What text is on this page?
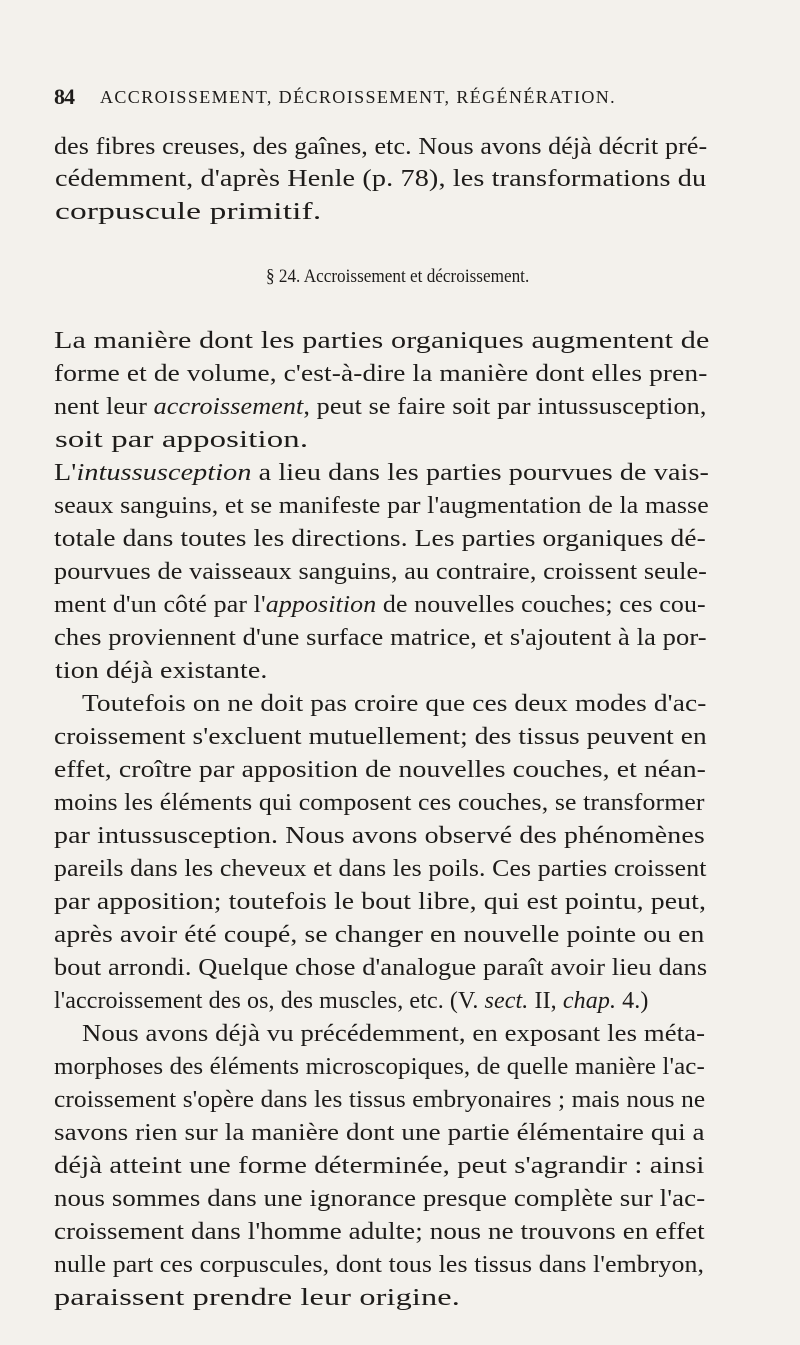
84 ACCROISSEMENT, DÉCROISSEMENT, RÉGÉNÉRATION.
des fibres creuses, des gaînes, etc. Nous avons déjà décrit pré-
cédemment, d'après Henle (p. 78), les transformations du
corpuscule primitif.
§ 24. Accroissement et décroissement.
La manière dont les parties organiques augmentent de
forme et de volume, c'est-à-dire la manière dont elles pren-
nent leur accroissement, peut se faire soit par intussusception,
soit par apposition.
L'intussusception a lieu dans les parties pourvues de vais-
seaux sanguins, et se manifeste par l'augmentation de la masse
totale dans toutes les directions. Les parties organiques dé-
pourvues de vaisseaux sanguins, au contraire, croissent seule-
ment d'un côté par l'apposition de nouvelles couches; ces cou-
ches proviennent d'une surface matrice, et s'ajoutent à la por-
tion déjà existante.
Toutefois on ne doit pas croire que ces deux modes d'ac-
croissement s'excluent mutuellement; des tissus peuvent en
effet, croître par apposition de nouvelles couches, et néan-
moins les éléments qui composent ces couches, se transformer
par intussusception. Nous avons observé des phénomènes
pareils dans les cheveux et dans les poils. Ces parties croissent
par apposition; toutefois le bout libre, qui est pointu, peut,
après avoir été coupé, se changer en nouvelle pointe ou en
bout arrondi. Quelque chose d'analogue paraît avoir lieu dans
l'accroissement des os, des muscles, etc. (V. sect. II, chap. 4.)
Nous avons déjà vu précédemment, en exposant les méta-
morphoses des éléments microscopiques, de quelle manière l'ac-
croissement s'opère dans les tissus embryonaires ; mais nous ne
savons rien sur la manière dont une partie élémentaire qui a
déjà atteint une forme déterminée, peut s'agrandir : ainsi
nous sommes dans une ignorance presque complète sur l'ac-
croissement dans l'homme adulte; nous ne trouvons en effet
nulle part ces corpuscules, dont tous les tissus dans l'embryon,
paraissent prendre leur origine.
